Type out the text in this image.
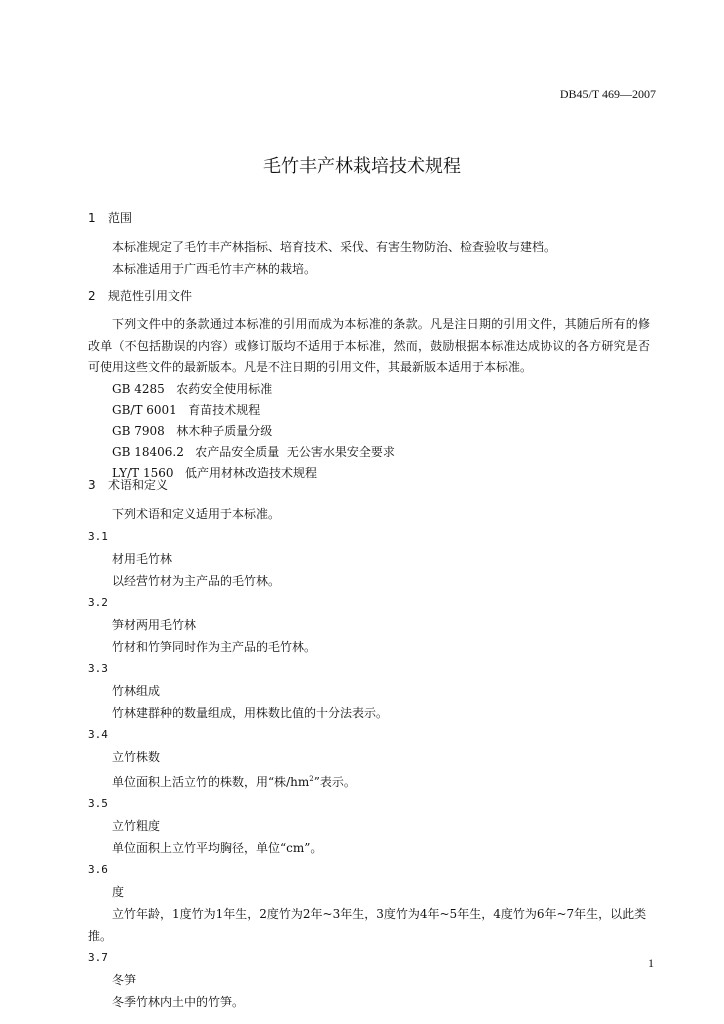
DB45/T 469—2007
毛竹丰产林栽培技术规程
1 范围
本标准规定了毛竹丰产林指标、培育技术、采伐、有害生物防治、检查验收与建档。
本标准适用于广西毛竹丰产林的栽培。
2 规范性引用文件
下列文件中的条款通过本标准的引用而成为本标准的条款。凡是注日期的引用文件，其随后所有的修改单（不包括勘误的内容）或修订版均不适用于本标准，然而，鼓励根据本标准达成协议的各方研究是否可使用这些文件的最新版本。凡是不注日期的引用文件，其最新版本适用于本标准。
GB 4285   农药安全使用标准
GB/T 6001   育苗技术规程
GB 7908   林木种子质量分级
GB 18406.2   农产品安全质量  无公害水果安全要求
LY/T 1560   低产用材林改造技术规程
3 术语和定义
下列术语和定义适用于本标准。
3.1
材用毛竹林
以经营竹材为主产品的毛竹林。
3.2
笋材两用毛竹林
竹材和竹笋同时作为主产品的毛竹林。
3.3
竹林组成
竹林建群种的数量组成，用株数比值的十分法表示。
3.4
立竹株数
单位面积上活立竹的株数，用“株$/hm^2$”表示。
3.5
立竹粗度
单位面积上立竹平均胸径，单位“cm”。
3.6
度
立竹年龄，1度竹为1年生，2度竹为2年~3年生，3度竹为4年~5年生，4度竹为6年~7年生，以此类推。
3.7
冬笋
冬季竹林内土中的竹笋。
1
